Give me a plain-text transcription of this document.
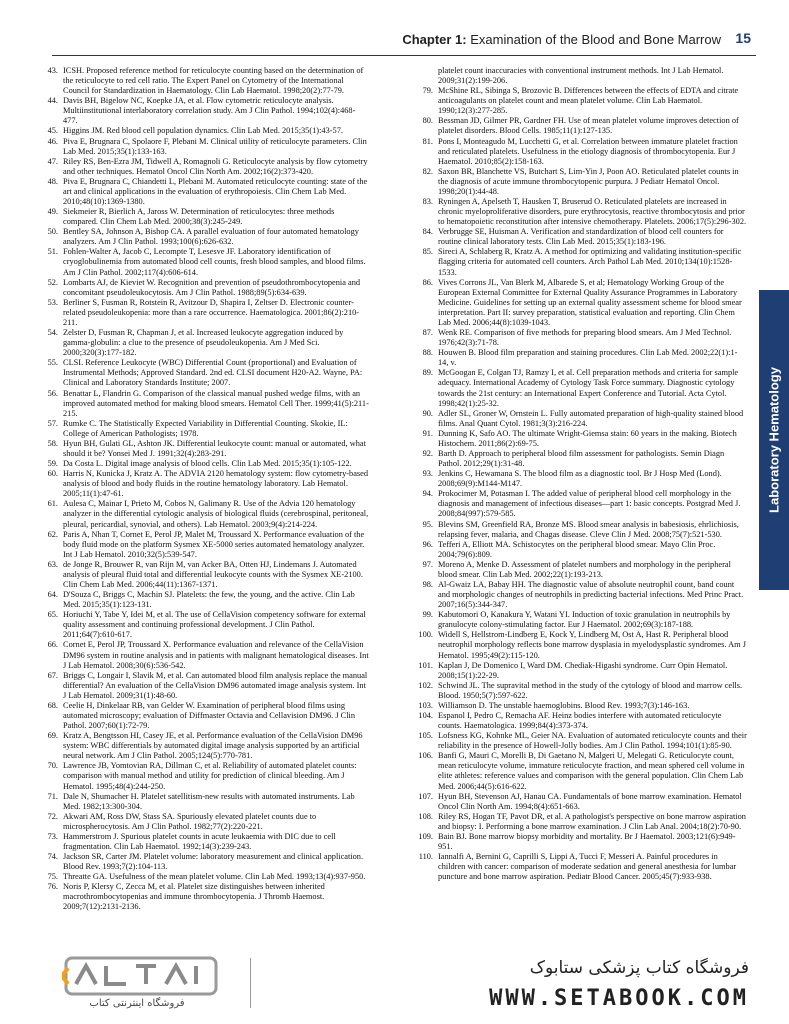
Chapter 1: Examination of the Blood and Bone Marrow 15

43. ICSH. Proposed reference method for reticulocyte counting based on the determination of the reticulocyte to red cell ratio. The Expert Panel on Cytometry of the International Council for Standardization in Haematology. Clin Lab Haematol. 1998;20(2):77-79.

44. Davis BH, Bigelow NC, Koepke JA, et al. Flow cytometric reticulocyte analysis. Multiinstitutional interlaboratory correlation study. Am J Clin Pathol. 1994;102(4):468-477.

45. Higgins JM. Red blood cell population dynamics. Clin Lab Med. 2015;35(1):43-57.

46. Piva E, Brugnara C, Spolaore F, Plebani M. Clinical utility of reticulocyte parameters. Clin Lab Med. 2015;35(1):133-163.

47. Riley RS, Ben-Ezra JM, Tidwell A, Romagnoli G. Reticulocyte analysis by flow cytometry and other techniques. Hematol Oncol Clin North Am. 2002;16(2):373-420.

48. Piva E, Brugnara C, Chiandetti L, Plebani M. Automated reticulocyte counting: state of the art and clinical applications in the evaluation of erythropoiesis. Clin Chem Lab Med. 2010;48(10):1369-1380.

49. Siekmeier R, Bierlich A, Jaross W. Determination of reticulocytes: three methods compared. Clin Chem Lab Med. 2000;38(3):245-249.

50. Bentley SA, Johnson A, Bishop CA. A parallel evaluation of four automated hematology analyzers. Am J Clin Pathol. 1993;100(6):626-632.

51. Fohlen-Walter A, Jacob C, Lecompte T, Lesesve JF. Laboratory identification of cryoglobulinemia from automated blood cell counts, fresh blood samples, and blood films. Am J Clin Pathol. 2002;117(4):606-614.

52. Lombarts AJ, de Kieviet W. Recognition and prevention of pseudothrombocytopenia and concomitant pseudoleukocytosis. Am J Clin Pathol. 1988;89(5):634-639.

53. Berliner S, Fusman R, Rotstein R, Avitzour D, Shapira I, Zeltser D. Electronic counter-related pseudoleukopenia: more than a rare occurrence. Haematologica. 2001;86(2):210-211.

54. Zelster D, Fusman R, Chapman J, et al. Increased leukocyte aggregation induced by gamma-globulin: a clue to the presence of pseudoleukopenia. Am J Med Sci. 2000;320(3):177-182.

55. CLSI. Reference Leukocyte (WBC) Differential Count (proportional) and Evaluation of Instrumental Methods; Approved Standard. 2nd ed. CLSI document H20-A2. Wayne, PA: Clinical and Laboratory Standards Institute; 2007.

56. Benattar L, Flandrin G. Comparison of the classical manual pushed wedge films, with an improved automated method for making blood smears. Hematol Cell Ther. 1999;41(5):211-215.

57. Rumke C. The Statistically Expected Variability in Differential Counting. Skokie, IL: College of American Pathologists; 1978.

58. Hyun BH, Gulati GL, Ashton JK. Differential leukocyte count: manual or automated, what should it be? Yonsei Med J. 1991;32(4):283-291.

59. Da Costa L. Digital image analysis of blood cells. Clin Lab Med. 2015;35(1):105-122.

60. Harris N, Kunicka J, Kratz A. The ADVIA 2120 hematology system: flow cytometry-based analysis of blood and body fluids in the routine hematology laboratory. Lab Hematol. 2005;11(1):47-61.

61. Aulesa C, Mainar I, Prieto M, Cobos N, Galimany R. Use of the Advia 120 hematology analyzer in the differential cytologic analysis of biological fluids (cerebrospinal, peritoneal, pleural, pericardial, synovial, and others). Lab Hematol. 2003;9(4):214-224.

62. Paris A, Nhan T, Cornet E, Perol JP, Malet M, Troussard X. Performance evaluation of the body fluid mode on the platform Sysmex XE-5000 series automated hematology analyzer. Int J Lab Hematol. 2010;32(5):539-547.

63. de Jonge R, Brouwer R, van Rijn M, van Acker BA, Otten HJ, Lindemans J. Automated analysis of pleural fluid total and differential leukocyte counts with the Sysmex XE-2100. Clin Chem Lab Med. 2006;44(11):1367-1371.

64. D'Souza C, Briggs C, Machin SJ. Platelets: the few, the young, and the active. Clin Lab Med. 2015;35(1):123-131.

65. Horiuchi Y, Tabe Y, Idei M, et al. The use of CellaVision competency software for external quality assessment and continuing professional development. J Clin Pathol. 2011;64(7):610-617.

66. Cornet E, Perol JP, Troussard X. Performance evaluation and relevance of the CellaVision DM96 system in routine analysis and in patients with malignant hematological diseases. Int J Lab Hematol. 2008;30(6):536-542.

67. Briggs C, Longair I, Slavik M, et al. Can automated blood film analysis replace the manual differential? An evaluation of the CellaVision DM96 automated image analysis system. Int J Lab Hematol. 2009;31(1):48-60.

68. Ceelie H, Dinkelaar RB, van Gelder W. Examination of peripheral blood films using automated microscopy; evaluation of Diffmaster Octavia and Cellavision DM96. J Clin Pathol. 2007;60(1):72-79.

69. Kratz A, Bengtsson HI, Casey JE, et al. Performance evaluation of the CellaVision DM96 system: WBC differentials by automated digital image analysis supported by an artificial neural network. Am J Clin Pathol. 2005;124(5):770-781.

70. Lawrence JB, Yomtovian RA, Dillman C, et al. Reliability of automated platelet counts: comparison with manual method and utility for prediction of clinical bleeding. Am J Hematol. 1995;48(4):244-250.

71. Dale N, Shumacher H. Platelet satellitism-new results with automated instruments. Lab Med. 1982;13:300-304.

72. Akwari AM, Ross DW, Stass SA. Spuriously elevated platelet counts due to microspherocytosis. Am J Clin Pathol. 1982;77(2):220-221.

73. Hammerstrom J. Spurious platelet counts in acute leukaemia with DIC due to cell fragmentation. Clin Lab Haematol. 1992;14(3):239-243.

74. Jackson SR, Carter JM. Platelet volume: laboratory measurement and clinical application. Blood Rev. 1993;7(2):104-113.

75. Threatte GA. Usefulness of the mean platelet volume. Clin Lab Med. 1993;13(4):937-950.

76. Noris P, Klersy C, Zecca M, et al. Platelet size distinguishes between inherited macrothrombocytopenias and immune thrombocytopenia. J Thromb Haemost. 2009;7(12):2131-2136.

platelet count inaccuracies with conventional instrument methods. Int J Lab Hematol. 2009;31(2):199-206.

79. McShine RL, Sibinga S, Brozovic B. Differences between the effects of EDTA and citrate anticoagulants on platelet count and mean platelet volume. Clin Lab Haematol. 1990;12(3):277-285.

80. Bessman JD, Gilmer PR, Gardner FH. Use of mean platelet volume improves detection of platelet disorders. Blood Cells. 1985;11(1):127-135.

81. Pons I, Monteagudo M, Lucchetti G, et al. Correlation between immature platelet fraction and reticulated platelets. Usefulness in the etiology diagnosis of thrombocytopenia. Eur J Haematol. 2010;85(2):158-163.

82. Saxon BR, Blanchette VS, Butchart S, Lim-Yin J, Poon AO. Reticulated platelet counts in the diagnosis of acute immune thrombocytopenic purpura. J Pediatr Hematol Oncol. 1998;20(1):44-48.

83. Ryningen A, Apelseth T, Hausken T, Bruserud O. Reticulated platelets are increased in chronic myeloproliferative disorders, pure erythrocytosis, reactive thrombocytosis and prior to hematopoietic reconstitution after intensive chemotherapy. Platelets. 2006;17(5):296-302.

84. Verbrugge SE, Huisman A. Verification and standardization of blood cell counters for routine clinical laboratory tests. Clin Lab Med. 2015;35(1):183-196.

85. Sireci A, Schlaberg R, Kratz A. A method for optimizing and validating institution-specific flagging criteria for automated cell counters. Arch Pathol Lab Med. 2010;134(10):1528-1533.

86. Vives Corrons JL, Van Blerk M, Albarede S, et al; Hematology Working Group of the European External Committee for External Quality Assurance Programmes in Laboratory Medicine. Guidelines for setting up an external quality assessment scheme for blood smear interpretation. Part II: survey preparation, statistical evaluation and reporting. Clin Chem Lab Med. 2006;44(8):1039-1043.

87. Wenk RE. Comparison of five methods for preparing blood smears. Am J Med Technol. 1976;42(3):71-78.

88. Houwen B. Blood film preparation and staining procedures. Clin Lab Med. 2002;22(1):1-14, v.

89. McGoogan E, Colgan TJ, Ramzy I, et al. Cell preparation methods and criteria for sample adequacy. International Academy of Cytology Task Force summary. Diagnostic cytology towards the 21st century: an International Expert Conference and Tutorial. Acta Cytol. 1998;42(1):25-32.

90. Adler SL, Groner W, Ornstein L. Fully automated preparation of high-quality stained blood films. Anal Quant Cytol. 1981;3(3):216-224.

91. Dunning K, Safo AO. The ultimate Wright-Giemsa stain: 60 years in the making. Biotech Histochem. 2011;86(2):69-75.

92. Barth D. Approach to peripheral blood film assessment for pathologists. Semin Diagn Pathol. 2012;29(1):31-48.

93. Jenkins C, Hewamana S. The blood film as a diagnostic tool. Br J Hosp Med (Lond). 2008;69(9):M144-M147.

94. Prokocimer M, Potasman I. The added value of peripheral blood cell morphology in the diagnosis and management of infectious diseases—part 1: basic concepts. Postgrad Med J. 2008;84(997):579-585.

95. Blevins SM, Greenfield RA, Bronze MS. Blood smear analysis in babesiosis, ehrlichiosis, relapsing fever, malaria, and Chagas disease. Cleve Clin J Med. 2008;75(7):521-530.

96. Tefferi A, Elliott MA. Schistocytes on the peripheral blood smear. Mayo Clin Proc. 2004;79(6):809.

97. Moreno A, Menke D. Assessment of platelet numbers and morphology in the peripheral blood smear. Clin Lab Med. 2002;22(1):193-213.

98. Al-Gwaiz LA, Babay HH. The diagnostic value of absolute neutrophil count, band count and morphologic changes of neutrophils in predicting bacterial infections. Med Princ Pract. 2007;16(5):344-347.

99. Kabutomori O, Kanakura Y, Watani YI. Induction of toxic granulation in neutrophils by granulocyte colony-stimulating factor. Eur J Haematol. 2002;69(3):187-188.

100. Widell S, Hellstrom-Lindberg E, Kock Y, Lindberg M, Ost A, Hast R. Peripheral blood neutrophil morphology reflects bone marrow dysplasia in myelodysplastic syndromes. Am J Hematol. 1995;49(2):115-120.

101. Kaplan J, De Domenico I, Ward DM. Chediak-Higashi syndrome. Curr Opin Hematol. 2008;15(1):22-29.

102. Schwind JL. The supravital method in the study of the cytology of blood and marrow cells. Blood. 1950;5(7):597-622.

103. Williamson D. The unstable haemoglobins. Blood Rev. 1993;7(3):146-163.

104. Espanol I, Pedro C, Remacha AF. Heinz bodies interfere with automated reticulocyte counts. Haematologica. 1999;84(4):373-374.

105. Lofsness KG, Kohnke ML, Geier NA. Evaluation of automated reticulocyte counts and their reliability in the presence of Howell-Jolly bodies. Am J Clin Pathol. 1994;101(1):85-90.

106. Banfi G, Mauri C, Morelli B, Di Gaetano N, Malgeri U, Melegati G. Reticulocyte count, mean reticulocyte volume, immature reticulocyte fraction, and mean sphered cell volume in elite athletes: reference values and comparison with the general population. Clin Chem Lab Med. 2006;44(5):616-622.

107. Hyun BH, Stevenson AJ, Hanau CA. Fundamentals of bone marrow examination. Hematol Oncol Clin North Am. 1994;8(4):651-663.

108. Riley RS, Hogan TF, Pavot DR, et al. A pathologist's perspective on bone marrow aspiration and biopsy: I. Performing a bone marrow examination. J Clin Lab Anal. 2004;18(2):70-90.

109. Bain BJ. Bone marrow biopsy morbidity and mortality. Br J Haematol. 2003;121(6):949-951.

110. Iannalfi A, Bernini G, Caprilli S, Lippi A, Tucci F, Messeri A. Painful procedures in children with cancer: comparison of moderate sedation and general anesthesia for lumbar puncture and bone marrow aspiration. Pediatr Blood Cancer. 2005;45(7):933-938.

Laboratory Hematology
فروشگاه اینترنتی کتاب
فروشگاه کتاب پزشکی ستابوک
WWW.SETABOOK.COM
